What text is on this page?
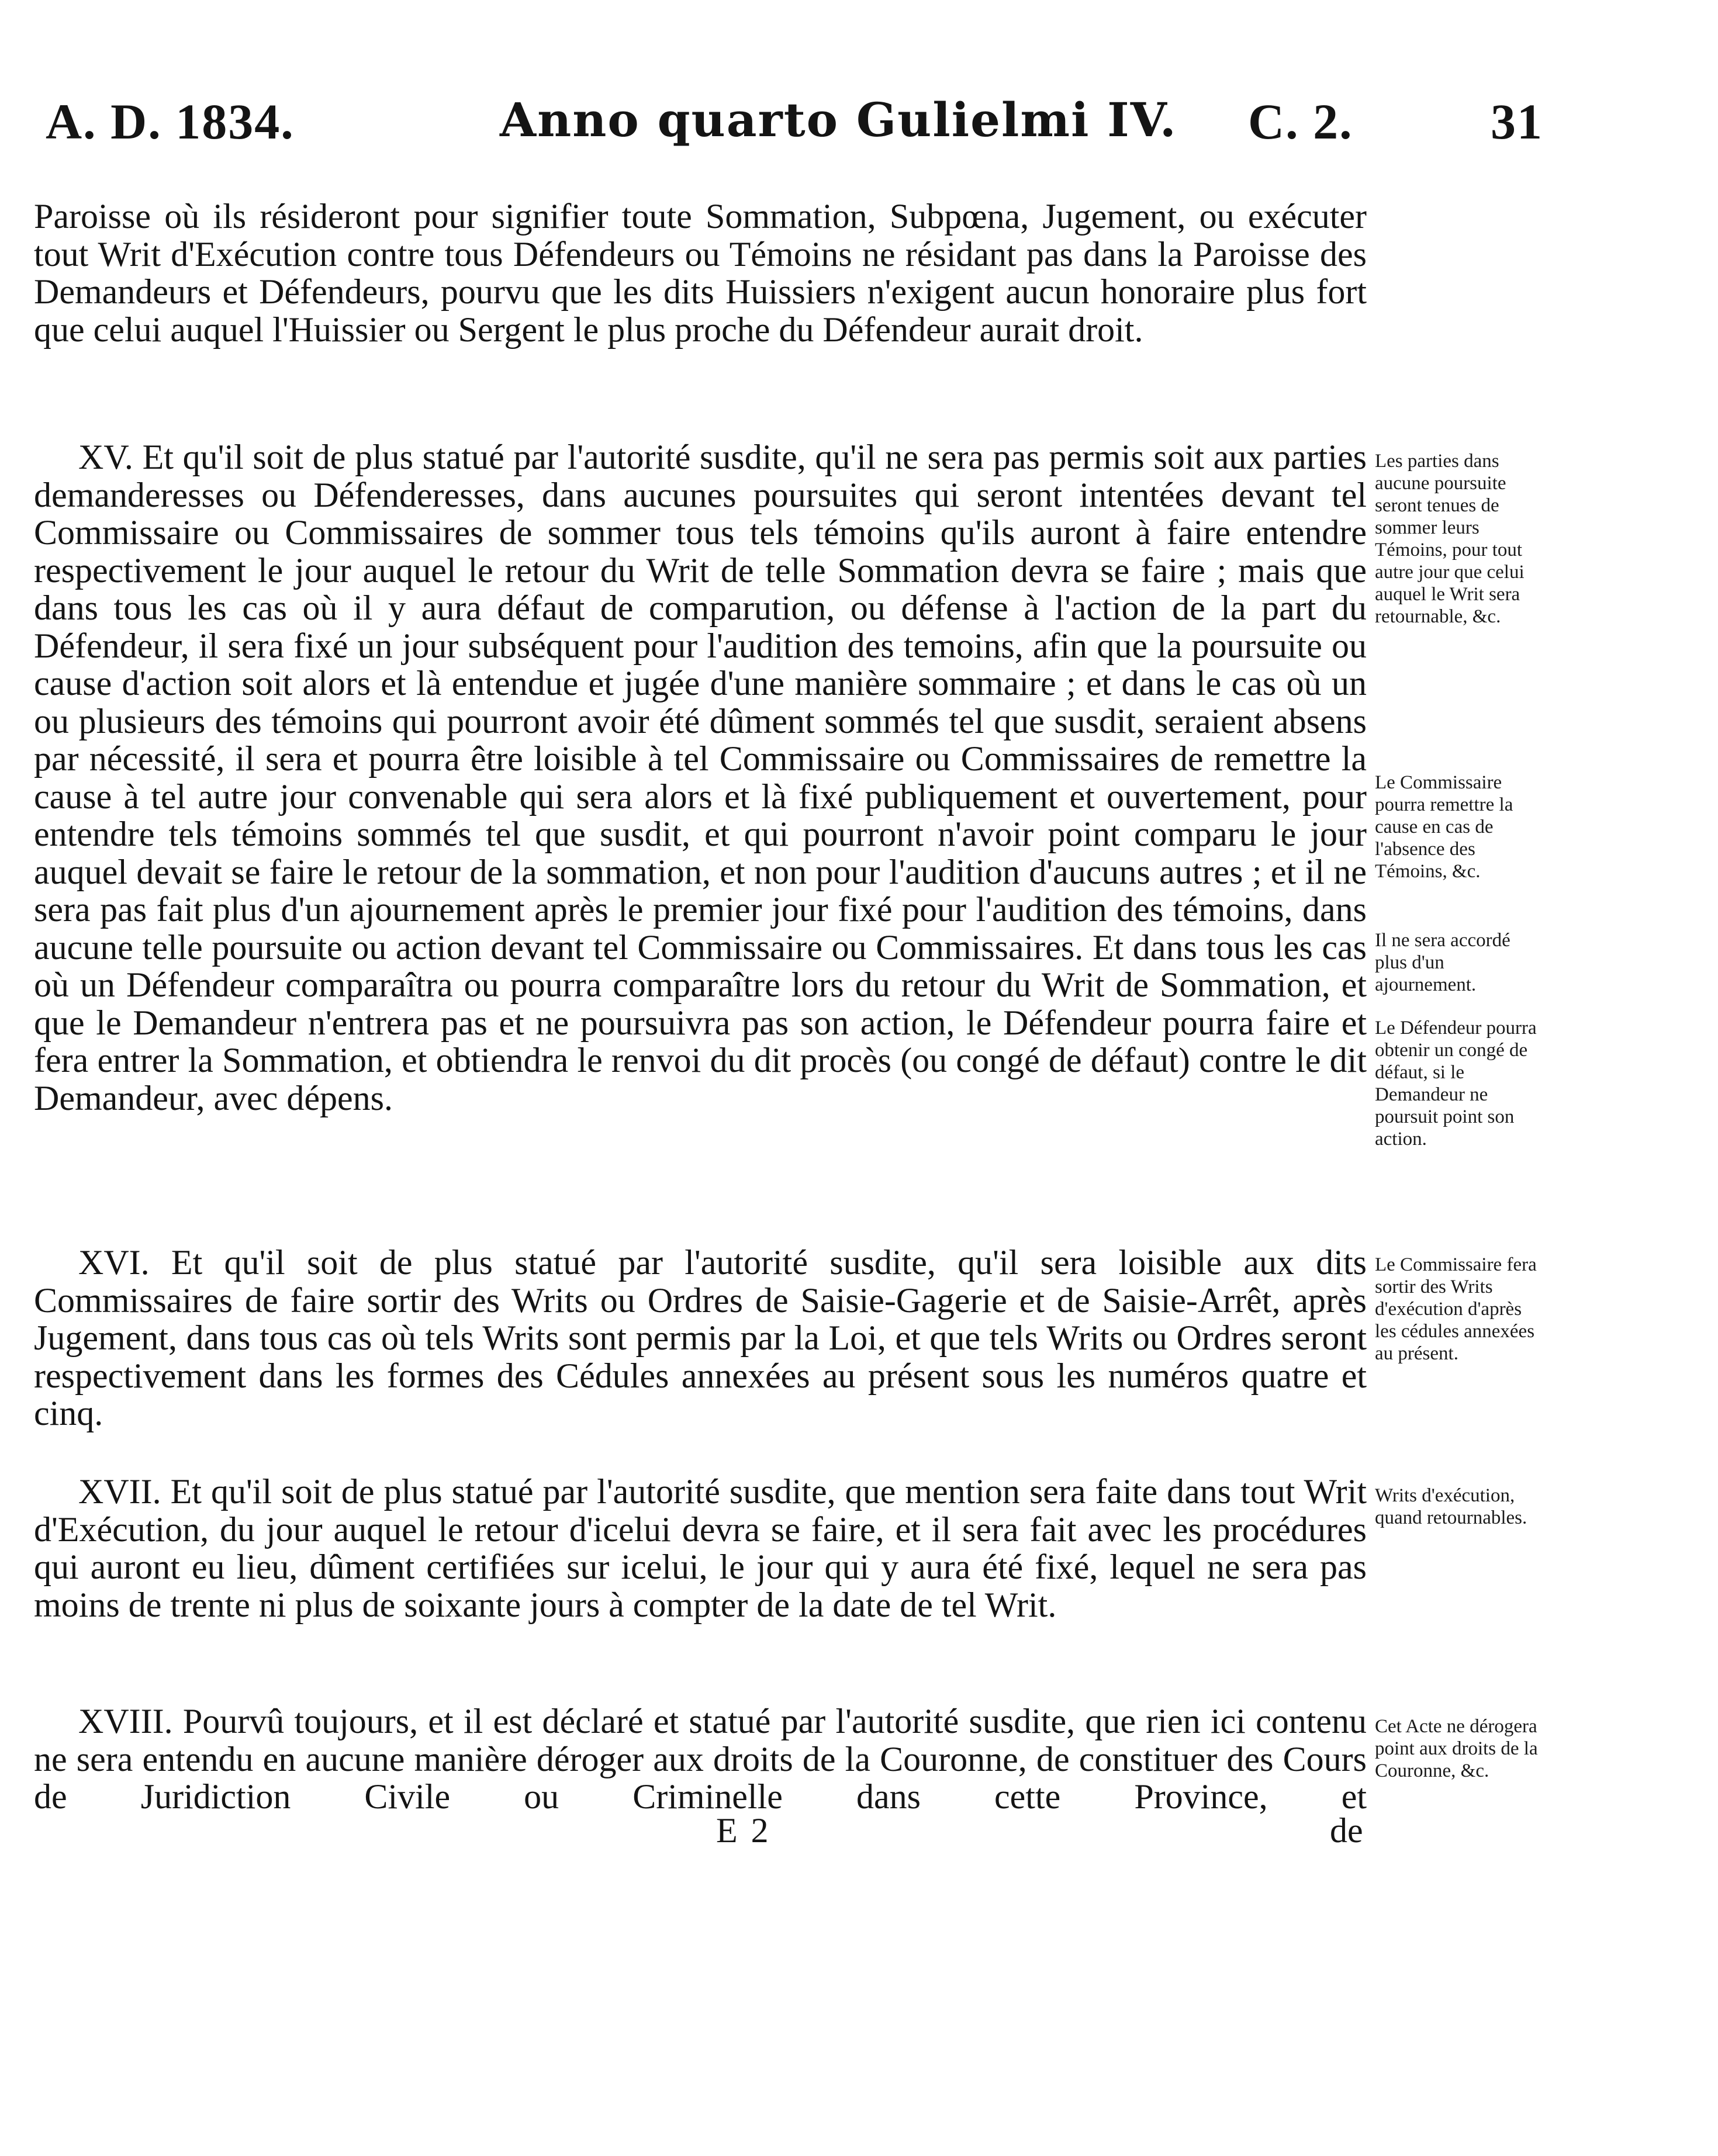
A. D. 1834.	Anno quarto Gulielmi IV. C. 2.	31

Paroisse où ils résideront pour signifier toute Sommation, Subpœna, Jugement, ou exécuter tout Writ d'Exécution contre tous Défendeurs ou Témoins ne résidant pas dans la Paroisse des Demandeurs et Défendeurs, pourvu que les dits Huissiers n'exigent aucun honoraire plus fort que celui auquel l'Huissier ou Sergent le plus proche du Défendeur aurait droit.

XV. Et qu'il soit de plus statué par l'autorité susdite, qu'il ne sera pas permis soit aux parties demanderesses ou Défenderesses, dans aucunes poursuites qui seront intentées devant tel Commissaire ou Commissaires de sommer tous tels témoins qu'ils auront à faire entendre respectivement le jour auquel le retour du Writ de telle Sommation devra se faire ; mais que dans tous les cas où il y aura défaut de comparution, ou défense à l'action de la part du Défendeur, il sera fixé un jour subséquent pour l'audition des temoins, afin que la poursuite ou cause d'action soit alors et là entendue et jugée d'une manière sommaire ; et dans le cas où un ou plusieurs des témoins qui pourront avoir été dûment sommés tel que susdit, seraient absens par nécessité, il sera et pourra être loisible à tel Commissaire ou Commissaires de remettre la cause à tel autre jour convenable qui sera alors et là fixé publiquement et ouvertement, pour entendre tels témoins sommés tel que susdit, et qui pourront n'avoir point comparu le jour auquel devait se faire le retour de la sommation, et non pour l'audition d'aucuns autres ; et il ne sera pas fait plus d'un ajournement après le premier jour fixé pour l'audition des témoins, dans aucune telle poursuite ou action devant tel Commissaire ou Commissaires. Et dans tous les cas où un Défendeur comparaîtra ou pourra comparaître lors du retour du Writ de Sommation, et que le Demandeur n'entrera pas et ne poursuivra pas son action, le Défendeur pourra faire et fera entrer la Sommation, et obtiendra le renvoi du dit procès (ou congé de défaut) contre le dit Demandeur, avec dépens.

XVI. Et qu'il soit de plus statué par l'autorité susdite, qu'il sera loisible aux dits Commissaires de faire sortir des Writs ou Ordres de Saisie-Gagerie et de Saisie-Arrêt, après Jugement, dans tous cas où tels Writs sont permis par la Loi, et que tels Writs ou Ordres seront respectivement dans les formes des Cédules annexées au présent sous les numéros quatre et cinq.

XVII. Et qu'il soit de plus statué par l'autorité susdite, que mention sera faite dans tout Writ d'Exécution, du jour auquel le retour d'icelui devra se faire, et il sera fait avec les procédures qui auront eu lieu, dûment certifiées sur icelui, le jour qui y aura été fixé, lequel ne sera pas moins de trente ni plus de soixante jours à compter de la date de tel Writ.

XVIII. Pourvû toujours, et il est déclaré et statué par l'autorité susdite, que rien ici contenu ne sera entendu en aucune manière déroger aux droits de la Couronne, de constituer des Cours de Juridiction Civile ou Criminelle dans cette Province, et

Les parties dans aucune poursuite seront tenues de sommer leurs Témoins, pour tout autre jour que celui auquel le Writ sera retournable, &c.
Le Commissaire pourra remettre la cause en cas de l'absence des Témoins, &c.
Il ne sera accordé plus d'un ajournement.
Le Défendeur pourra obtenir un congé de défaut, si le Demandeur ne poursuit point son action.
Le Commissaire fera sortir des Writs d'exécution d'après les cédules annexées au présent.
Writs d'exécution, quand retournables.
Cet Acte ne dérogera point aux droits de la Couronne, &c.
E 2	de
